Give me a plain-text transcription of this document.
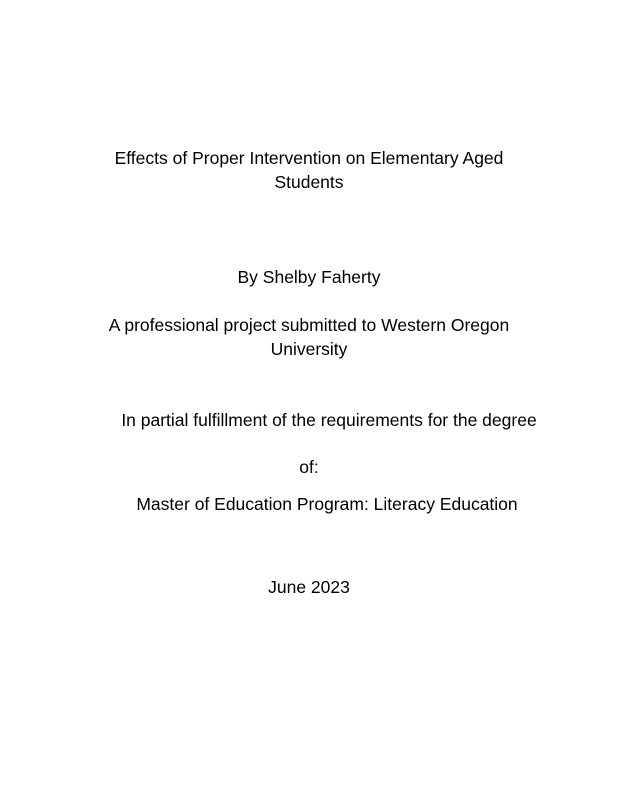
Effects of Proper Intervention on Elementary Aged
Students
By Shelby Faherty
A professional project submitted to Western Oregon
University
In partial fulfillment of the requirements for the degree
of:
Master of Education Program: Literacy Education
June 2023
